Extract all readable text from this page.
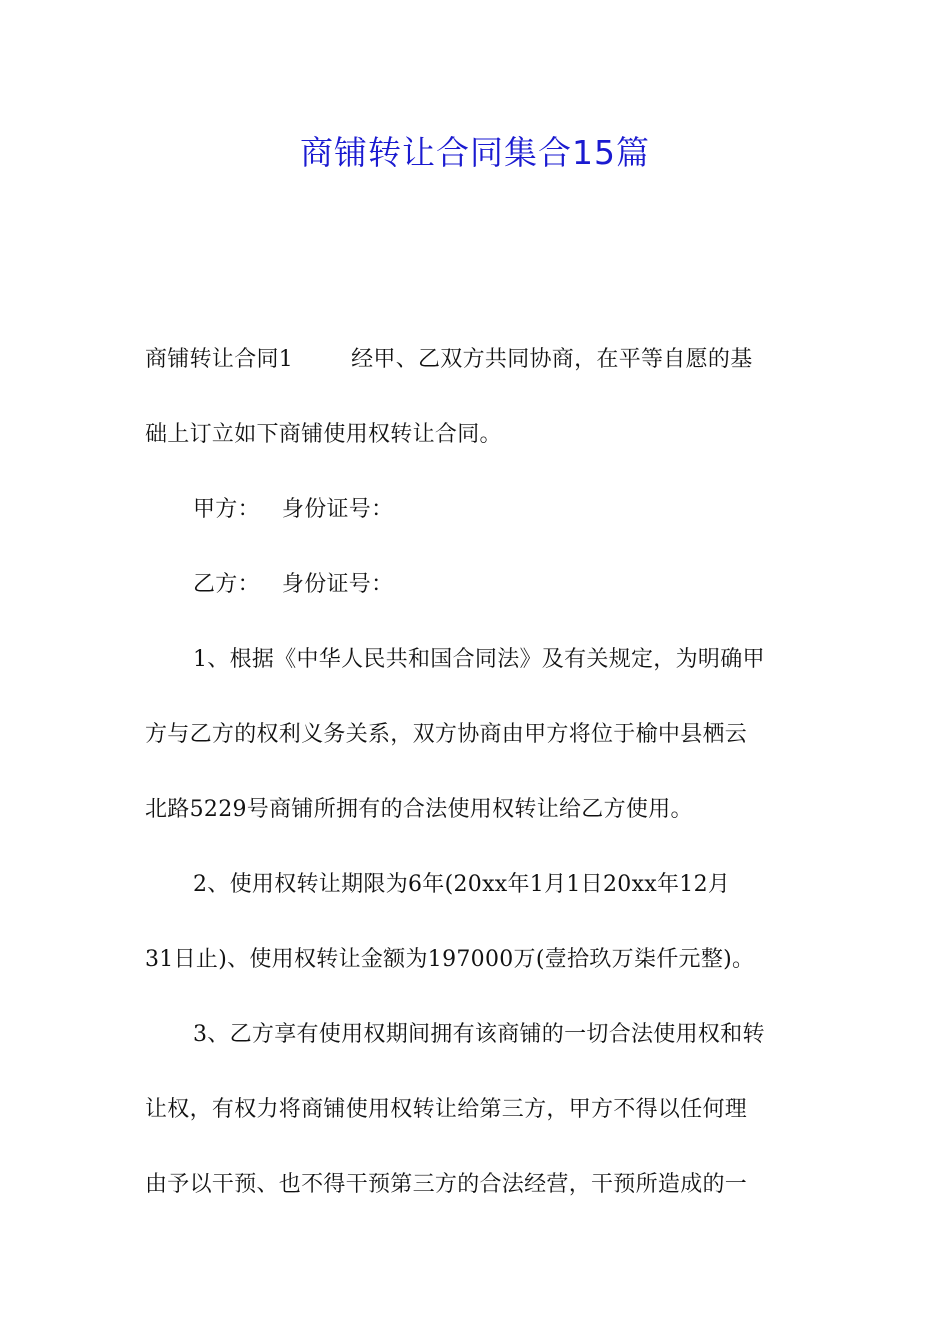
商铺转让合同集合15篇
商铺转让合同1	经甲、乙双方共同协商，在平等自愿的基
础上订立如下商铺使用权转让合同。
甲方： 身份证号：
乙方： 身份证号：
1、根据《中华人民共和国合同法》及有关规定，为明确甲
方与乙方的权利义务关系，双方协商由甲方将位于榆中县栖云
北路5229号商铺所拥有的合法使用权转让给乙方使用。
2、使用权转让期限为6年(20xx年1月1日20xx年12月
31日止)、使用权转让金额为197000万(壹拾玖万柒仟元整)。
3、乙方享有使用权期间拥有该商铺的一切合法使用权和转
让权，有权力将商铺使用权转让给第三方，甲方不得以任何理
由予以干预、也不得干预第三方的合法经营，干预所造成的一
